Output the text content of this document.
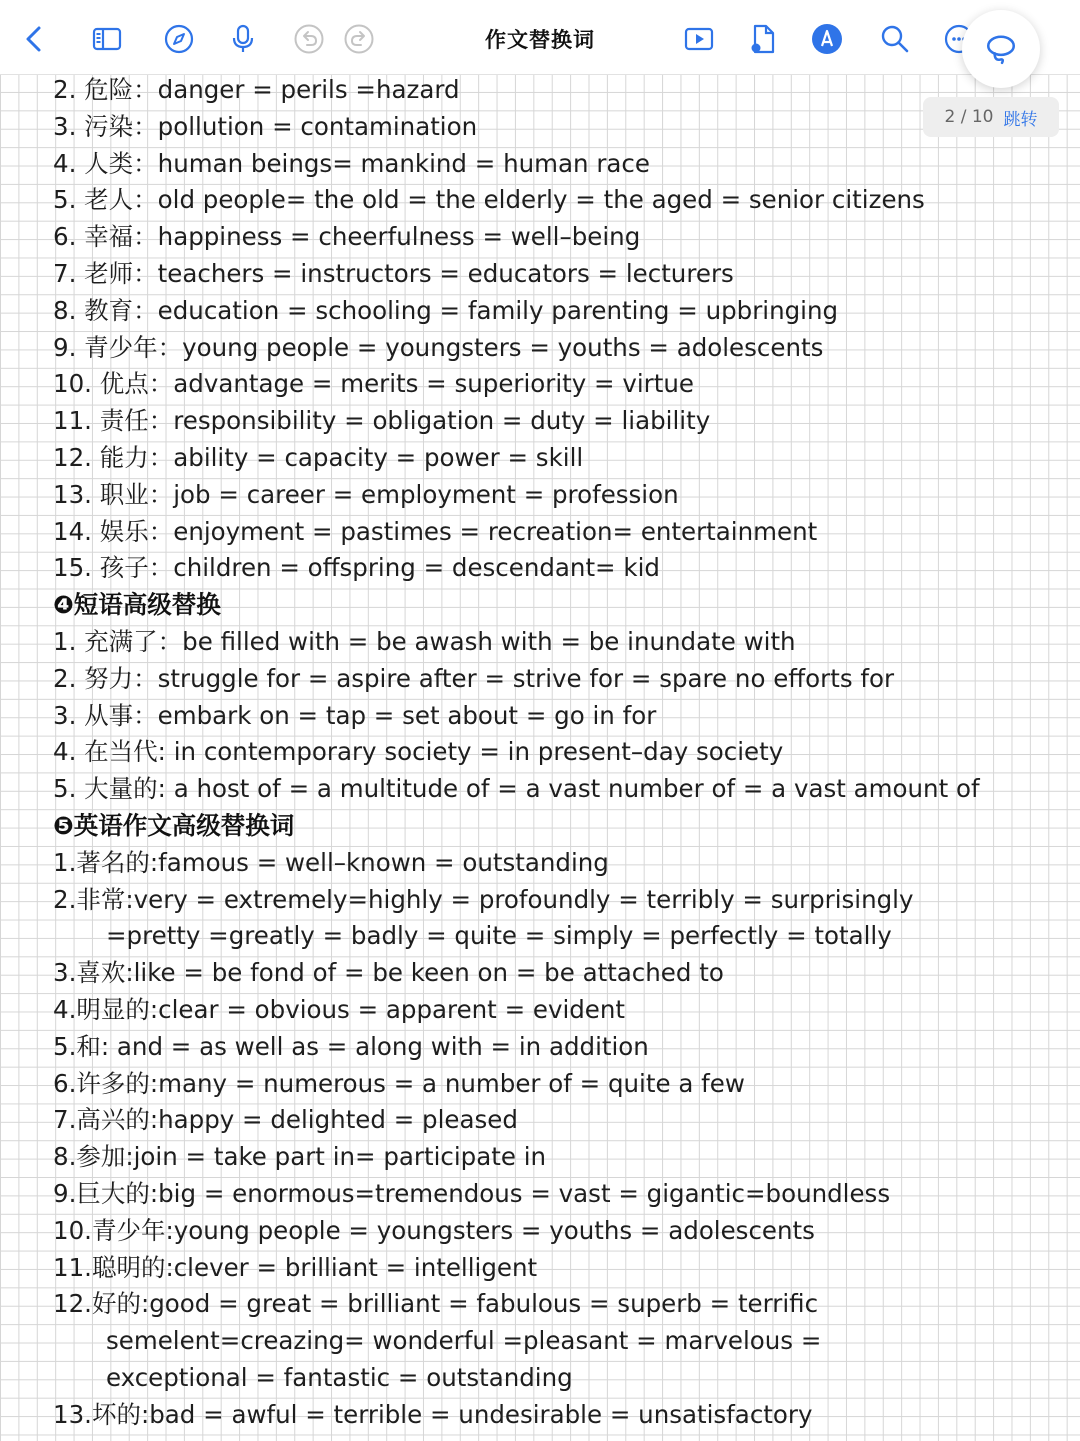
作文替换词
2 / 10 跳转
2. 危险：danger = perils =hazard
3. 污染：pollution = contamination
4. 人类：human beings= mankind = human race
5. 老人：old people= the old = the elderly = the aged = senior citizens
6. 幸福：happiness = cheerfulness = well–being
7. 老师：teachers = instructors = educators = lecturers
8. 教育：education = schooling = family parenting = upbringing
9. 青少年：young people = youngsters = youths = adolescents
10. 优点：advantage = merits = superiority = virtue
11. 责任：responsibility = obligation = duty = liability
12. 能力：ability = capacity = power = skill
13. 职业：job = career = employment = profession
14. 娱乐：enjoyment = pastimes = recreation= entertainment
15. 孩子：children = offspring = descendant= kid
❹短语高级替换
1. 充满了：be filled with = be awash with = be inundate with
2. 努力：struggle for = aspire after = strive for = spare no efforts for
3. 从事：embark on = tap = set about = go in for
4. 在当代: in contemporary society = in present–day society
5. 大量的: a host of = a multitude of = a vast number of = a vast amount of
❺英语作文高级替换词
1.著名的:famous = well–known = outstanding
2.非常:very = extremely=highly = profoundly = terribly = surprisingly
=pretty =greatly = badly = quite = simply = perfectly = totally
3.喜欢:like = be fond of = be keen on = be attached to
4.明显的:clear = obvious = apparent = evident
5.和: and = as well as = along with = in addition
6.许多的:many = numerous = a number of = quite a few
7.高兴的:happy = delighted = pleased
8.参加:join = take part in= participate in
9.巨大的:big = enormous=tremendous = vast = gigantic=boundless
10.青少年:young people = youngsters = youths = adolescents
11.聪明的:clever = brilliant = intelligent
12.好的:good = great = brilliant = fabulous = superb = terrific
semelent=creazing= wonderful =pleasant = marvelous =
exceptional = fantastic = outstanding
13.坏的:bad = awful = terrible = undesirable = unsatisfactory
